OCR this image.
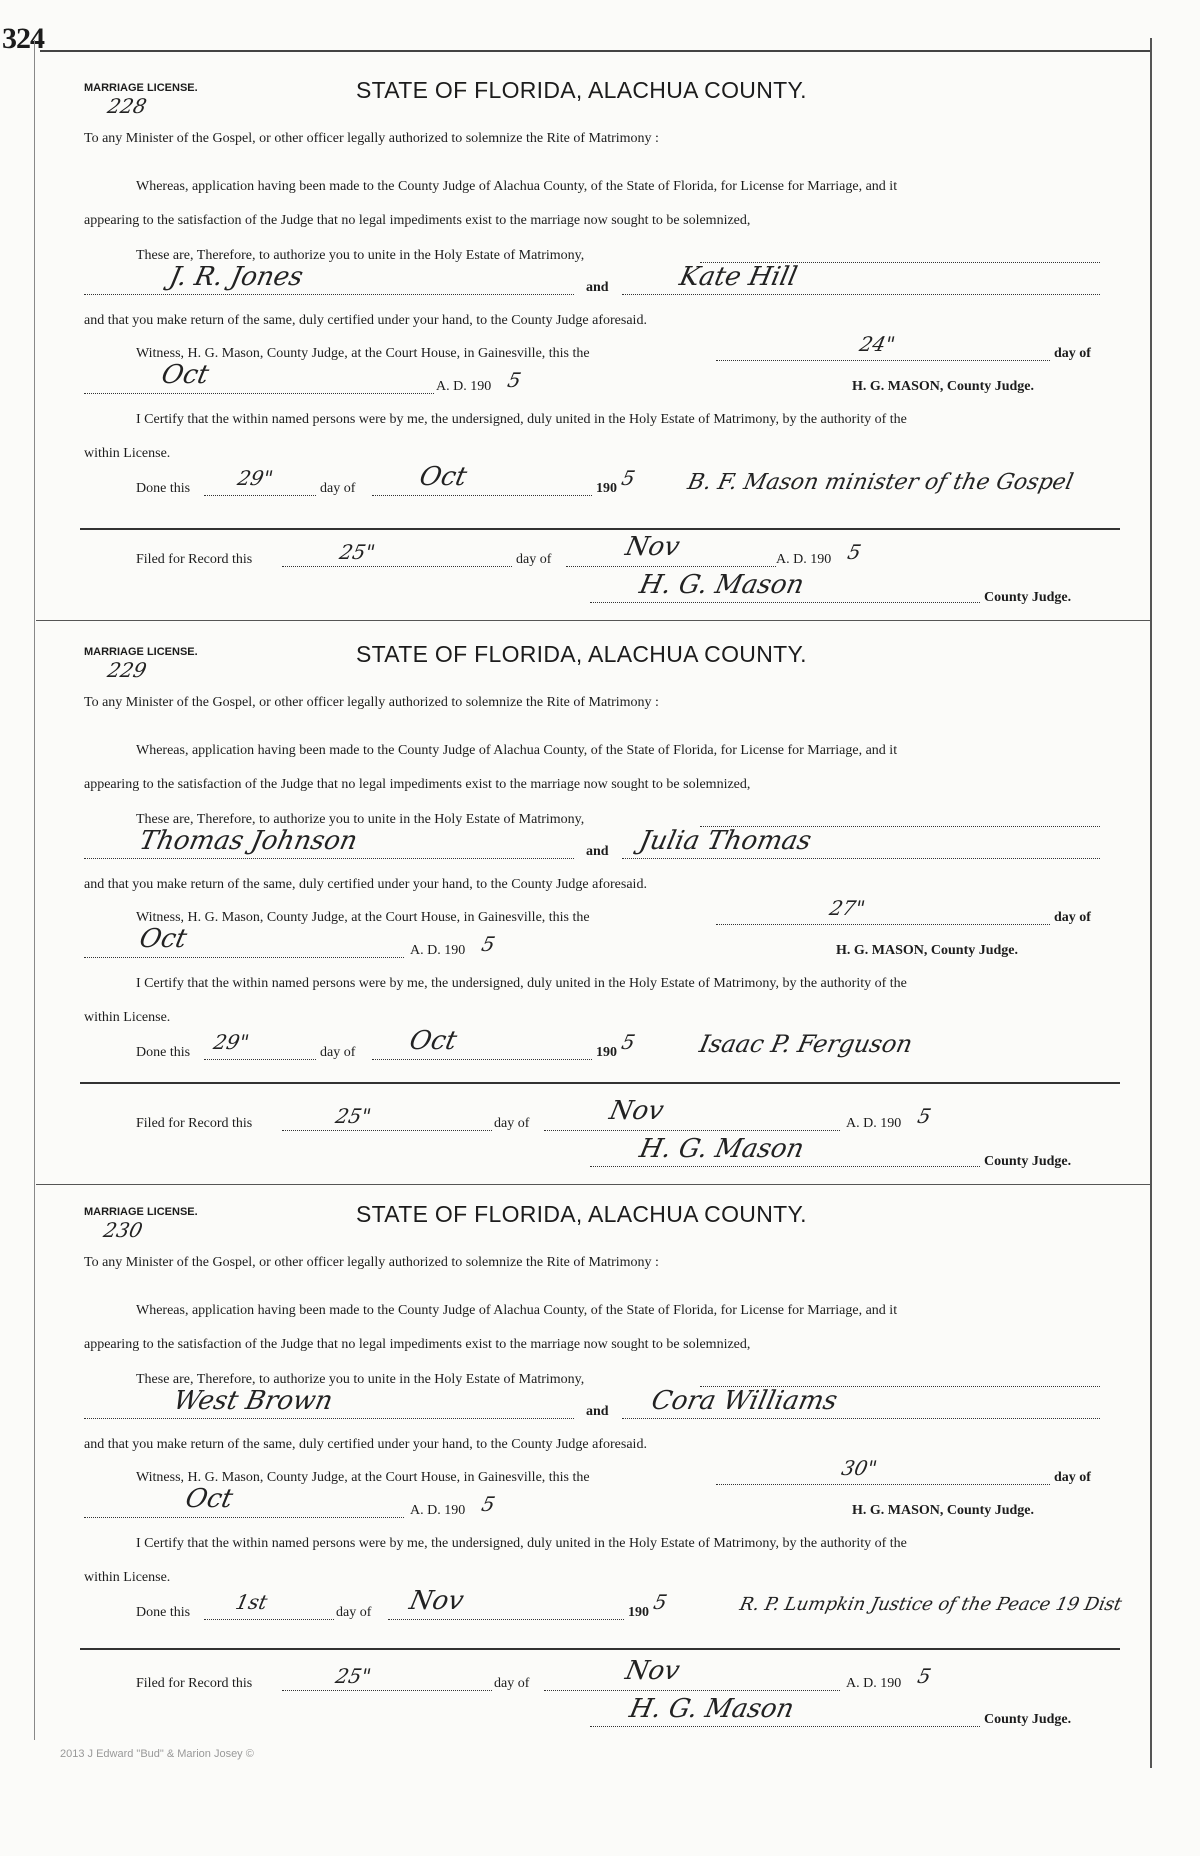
324
MARRIAGE LICENSE.
228
STATE OF FLORIDA, ALACHUA COUNTY.
To any Minister of the Gospel, or other officer legally authorized to solemnize the Rite of Matrimony :
Whereas, application having been made to the County Judge of Alachua County, of the State of Florida, for License for Marriage, and it
appearing to the satisfaction of the Judge that no legal impediments exist to the marriage now sought to be solemnized,
These are, Therefore, to authorize you to unite in the Holy Estate of Matrimony,
J. R. Jones	and	Kate Hill
and that you make return of the same, duly certified under your hand, to the County Judge aforesaid.
Witness, H. G. Mason, County Judge, at the Court House, in Gainesville, this the	24"	day of
Oct	A. D. 190 5	H. G. MASON, County Judge.
I Certify that the within named persons were by me, the undersigned, duly united in the Holy Estate of Matrimony, by the authority of the
within License.
Done this 29"	day of Oct	190 5 B. F. Mason minister of the Gospel
Filed for Record this	25"	day of	Nov	A. D. 190 5
H. G. Mason	County Judge.
MARRIAGE LICENSE.
229
STATE OF FLORIDA, ALACHUA COUNTY.
To any Minister of the Gospel, or other officer legally authorized to solemnize the Rite of Matrimony :
Whereas, application having been made to the County Judge of Alachua County, of the State of Florida, for License for Marriage, and it
appearing to the satisfaction of the Judge that no legal impediments exist to the marriage now sought to be solemnized,
These are, Therefore, to authorize you to unite in the Holy Estate of Matrimony,
Thomas Johnson	and Julia Thomas
and that you make return of the same, duly certified under your hand, to the County Judge aforesaid.
Witness, H. G. Mason, County Judge, at the Court House, in Gainesville, this the	27"	day of
Oct	A. D. 190 5	H. G. MASON, County Judge.
I Certify that the within named persons were by me, the undersigned, duly united in the Holy Estate of Matrimony, by the authority of the
within License.
Done this 29"	day of Oct	190 5 Isaac P. Ferguson
Filed for Record this	25"	day of	Nov	A. D. 190 5
H. G. Mason	County Judge.
MARRIAGE LICENSE.
230
STATE OF FLORIDA, ALACHUA COUNTY.
To any Minister of the Gospel, or other officer legally authorized to solemnize the Rite of Matrimony :
Whereas, application having been made to the County Judge of Alachua County, of the State of Florida, for License for Marriage, and it
appearing to the satisfaction of the Judge that no legal impediments exist to the marriage now sought to be solemnized,
These are, Therefore, to authorize you to unite in the Holy Estate of Matrimony,
West Brown	and Cora Williams
and that you make return of the same, duly certified under your hand, to the County Judge aforesaid.
Witness, H. G. Mason, County Judge, at the Court House, in Gainesville, this the	30"	day of
Oct	A. D. 190 5	H. G. MASON, County Judge.
I Certify that the within named persons were by me, the undersigned, duly united in the Holy Estate of Matrimony, by the authority of the
within License.
Done this 1st	day of Nov	190 5	R. P. Lumpkin Justice of the Peace 19 Dist
Filed for Record this	25"	day of	Nov	A. D. 190 5
H. G. Mason	County Judge.
2013 J Edward "Bud" & Marion Josey ©
